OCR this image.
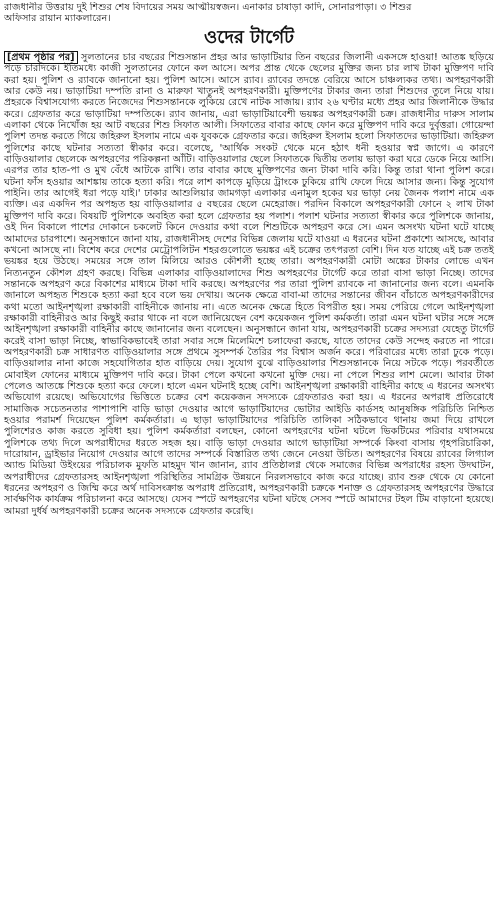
রাজধানীর উত্তরায় দুই শিশুর শেষ বিদায়ের সময় আত্মীয়স্বজন। এনাকার চাষাড়া কাদি, সোনারপাড়া। ৩ শিশুর
অফিসার রায়ান ম্যাকলারেন।
ওদের টার্গেট
[প্রথম পৃষ্ঠার পর] সুলতানের চার বছরের শিশুসন্তান প্রহর আর ভাড়াটিয়ার তিন বছরের জিলানী একসঙ্গে হাওয়া! আতঙ্ক ছড়িয়ে পড়ে চারদিকে। ইতিমধ্যে কাজী সুলতানের ফোনে কল আসে। অপর প্রান্ত থেকে ছেলের মুক্তির জন্য চার লাখ টাকা মুক্তিপণ দাবি করা হয়। পুলিশ ও র‌্যাবকে জানানো হয়। পুলিশ আসে। আসে র‌্যাব। র‌্যাবের তদন্তে বেরিয়ে আসে চাঞ্চল্যকর তথ্য। অপহরণকারী আর কেউ নয়। ভাড়াটিয়া দম্পতি রানা ও মারুফা খাতুনই অপহরণকারী। মুক্তিপণের টাকার জন্য তারা শিশুদের তুলে নিয়ে যায়। প্রহরকে বিশ্বাসযোগ্য করতে নিজেদের শিশুসন্তানকে লুকিয়ে রেখে নাটক সাজায়। র‌্যাব ২৬ ঘণ্টার মধ্যে প্রহর আর জিলানীকে উদ্ধার করে। গ্রেফতার করে ভাড়াটিয়া দম্পতিকে। র‌্যাব জানায়, এরা ভাড়াটিয়াবেশী ভয়ঙ্কর অপহরণকারী চক্র। রাজধানীর দারুস সালাম এলাকা থেকে নিখোঁজ হয় আট বছরের শিশু সিফাত আলী। সিফাতের বাবার কাছে ফোন করে মুক্তিপণ দাবি করে দুর্বৃত্তরা। গোয়েন্দা পুলিশ তদন্ত করতে গিয়ে জহিরুল ইসলাম নামে এক যুবককে গ্রেফতার করে। জহিরুল ইসলাম হলো সিফাতদের ভাড়াটিয়া। জহিরুল পুলিশের কাছে ঘটনার সত্যতা স্বীকার করে। বলেছে, 'আর্থিক সংকট থেকে মনে হঠাৎ ধনী হওয়ার স্বপ্ন জাগে। এ কারণে বাড়িওয়ালার ছেলেকে অপহরণের পরিকল্পনা আঁটি। বাড়িওয়ালার ছেলে সিফাতকে দ্বিতীয় তলায় ভাড়া করা ঘরে ডেকে নিয়ে আসি। এরপর তার হাত-পা ও মুখ বেঁধে আটকে রাখি। তার বাবার কাছে মুক্তিপণের জন্য টাকা দাবি করি। কিন্তু তারা থানা পুলিশ করে। ঘটনা ফাঁস হওয়ার আশঙ্কায় তাকে হত্যা করি। পরে লাশ কাপড়ে মুড়িয়ে ট্রাংকে ঢুকিয়ে রাখি ফেলে দিয়ে আসার জন্য। কিন্তু সুযোগ পাইনি। তার আগেই ধরা পড়ে যাই।' ঢাকার আশুলিয়ার জামগড়া এলাকার এনামুল হকের ঘর ভাড়া নেয় জৈনক পলাশ নামে এক ব্যক্তি। এর একদিন পর অপহৃত হয় বাড়িওয়ালার ৫ বছরের ছেলে মেহেরাজ। পরদিন বিকালে অপহরণকারী ফোনে ২ লাখ টাকা মুক্তিপণ দাবি করে। বিষয়টি পুলিশকে অবহিত করা হলে গ্রেফতার হয় পলাশ। পলাশ ঘটনার সত্যতা স্বীকার করে পুলিশকে জানায়, ওই দিন বিকালে পাশের দোকানে চকলেট কিনে দেওয়ার কথা বলে শিশুটিকে অপহরণ করে সে। এমন অসংখ্য ঘটনা ঘটে যাচ্ছে আমাদের চারপাশে। অনুসন্ধানে জানা যায়, রাজধানীসহ দেশের বিভিন্ন জেলায় ঘটে যাওয়া এ ধরনের ঘটনা প্রকাশ্যে আসছে, আবার কখনো আসছে না। বিশেষ করে দেশের মেট্রোপলিটন শহরগুলোতে ভয়ঙ্কর এই চক্রের তৎপরতা বেশি। দিন যত যাচ্ছে এই চক্র ততই ভয়ঙ্কর হয়ে উঠছে। সময়ের সঙ্গে তাল মিলিয়ে আরও কৌশলী হচ্ছে তারা। অপহরণকারী মোটা অঙ্কের টাকার লোভে এখন নিত্যনতুন কৌশল গ্রহণ করছে। বিভিন্ন এলাকার বাড়িওয়ালাদের শিশু অপহরণের টার্গেট করে তারা বাসা ভাড়া নিচ্ছে। তাদের সন্তানকে অপহরণ করে বিকাশের মাধ্যমে টাকা দাবি করছে। অপহরণের পর তারা পুলিশ র‌্যাবকে না জানানোর জন্য বলে। এমনকি জানালে অপহৃত শিশুকে হত্যা করা হবে বলে ভয় দেখায়। অনেক ক্ষেত্রে বাবা-মা তাদের সন্তানের জীবন বাঁচাতে অপহরণকারীদের কথা মতো আইনশৃঙ্খলা রক্ষাকারী বাহিনীকে জানায় না। এতে অনেক ক্ষেত্রে হিতে বিপরীত হয়। সময় পেরিয়ে গেলে আইনশৃঙ্খলা রক্ষাকারী বাহিনীরও আর কিছুই করার থাকে না বলে জানিয়েছেন বেশ কয়েকজন পুলিশ কর্মকর্তা। তারা এমন ঘটনা ঘটার সঙ্গে সঙ্গে আইনশৃঙ্খলা রক্ষাকারী বাহিনীর কাছে জানানোর জন্য বলেছেন। অনুসন্ধানে জানা যায়, অপহরণকারী চক্রের সদস্যরা যেহেতু টার্গেট করেই বাসা ভাড়া নিচ্ছে, স্বাভাবিকভাবেই তারা সবার সঙ্গে মিলেমিশে চলাফেরা করছে, যাতে তাদের কেউ সন্দেহ করতে না পারে। অপহরণকারী চক্র সাধারণত বাড়িওয়ালার সঙ্গে প্রথমে সুসম্পর্ক তৈরির পর বিশ্বাস অর্জন করে। পরিবারের মধ্যে তারা ঢুকে পড়ে। বাড়িওয়ালার নানা কাজে সহযোগিতার হাত বাড়িয়ে দেয়। সুযোগ বুঝে বাড়িওয়ালার শিশুসন্তানকে নিয়ে সটকে পড়ে। পরবর্তীতে মোবাইল ফোনের মাধ্যমে মুক্তিপণ দাবি করে। টাকা পেলে কখনো কখনো মুক্তি দেয়। না পেলে শিশুর লাশ মেলে। আবার টাকা পেলেও আতঙ্কে শিশুকে হত্যা করে ফেলে। হালে এমন ঘটনাই হচ্ছে বেশি। আইনশৃঙ্খলা রক্ষাকারী বাহিনীর কাছে এ ধরনের অসংখ্য অভিযোগ রয়েছে। অভিযোগের ভিত্তিতে চক্রের বেশ কয়েকজন সদস্যকে গ্রেফতারও করা হয়। এ ধরনের অপরাধ প্রতিরোধে সামাজিক সচেতনতার পাশাপাশি বাড়ি ভাড়া দেওয়ার আগে ভাড়াটিয়াদের ভোটার আইডি কার্ডসহ আনুষঙ্গিক পরিচিতি নিশ্চিত হওয়ার পরামর্শ দিয়েছেন পুলিশ কর্মকর্তারা। এ ছাড়া ভাড়াটিয়াদের পরিচিতি তালিকা সঠিকভাবে থানায় জমা দিয়ে রাখলে পুলিশেরও কাজ করতে সুবিধা হয়। পুলিশ কর্মকর্তারা বলছেন, কোনো অপহরণের ঘটনা ঘটলে ভিকটিমের পরিবার যথাসময়ে পুলিশকে তথ্য দিলে অপরাধীদের ধরতে সহজ হয়। বাড়ি ভাড়া দেওয়ার আগে ভাড়াটিয়া সম্পর্কে কিংবা বাসায় গৃহপরিচারিকা, দারোয়ান, ড্রাইভার নিয়োগ দেওয়ার আগে তাদের সম্পর্কে বিস্তারিত তথ্য জেনে নেওয়া উচিত। অপহরণের বিষয়ে র‌্যাবের লিগ্যাল অ্যান্ড মিডিয়া উইংয়ের পরিচালক মুফতি মাহমুদ খান জানান, র‌্যাব প্রতিষ্ঠালগ্ন থেকে সমাজের বিভিন্ন অপরাধের রহস্য উদঘাটন, অপরাধীদের গ্রেফতারসহ আইনশৃঙ্খলা পরিস্থিতির সামগ্রিক উন্নয়নে নিরলসভাবে কাজ করে যাচ্ছে। র‌্যাব শুরু থেকে যে কোনো ধরনের অপহরণ ও জিম্মি করে অর্থ দাবিসংক্রান্ত অপরাধ প্রতিরোধ, অপহরণকারী চক্রকে শনাক্ত ও গ্রেফতারসহ অপহরণের উদ্ধারে সার্বক্ষণিক কার্যক্রম পরিচালনা করে আসছে। যেসব স্পটে অপহরণের ঘটনা ঘটছে সেসব স্পটে আমাদের টহল টিম বাড়ানো হয়েছে। আমরা দুর্ধর্ষ অপহরণকারী চক্রের অনেক সদস্যকে গ্রেফতার করেছি।
